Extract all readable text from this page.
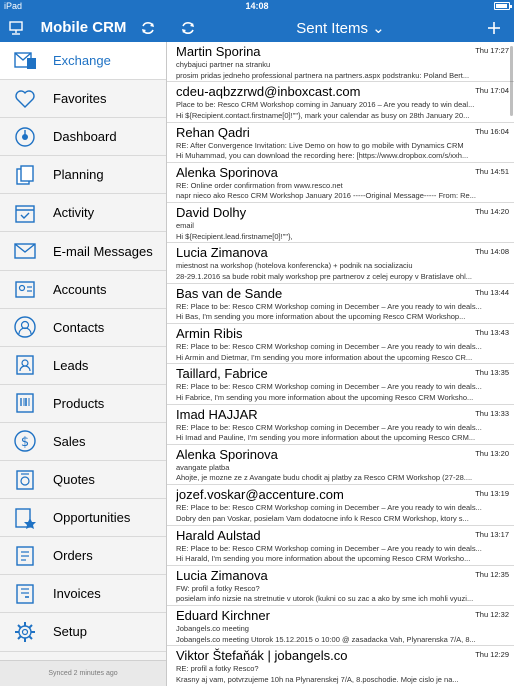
iPad	14:08
Mobile CRM	Sent Items ⌄
Exchange
Favorites
Dashboard
Planning
Activity
E-mail Messages
Accounts
Contacts
Leads
Products
$ Sales
Quotes
Opportunities
Orders
Invoices
Setup
Synced 2 minutes ago
Martin Sporina	Thu 17:27
chybajuci partner na stranku
prosim pridas jedneho professional partnera na partners.aspx podstranku: Poland Bert...
cdeu-aqbzzrwd@inboxcast.com	Thu 17:04
Place to be: Resco CRM Workshop coming in January 2016 – Are you ready to win deal...
Hi ${Recipient.contact.firstname[0]!""}, mark your calendar as busy on 28th January 20...
Rehan Qadri	Thu 16:04
RE: After Convergence Invitation: Live Demo on how to go mobile with Dynamics CRM
Hi Muhammad, you can download the recording here: [https://www.dropbox.com/s/xxh...
Alenka Sporinova	Thu 14:51
RE: Online order confirmation from www.resco.net
napr nieco ako Resco CRM Workshop January 2016 -----Original Message----- From: Re...
David Dolhy	Thu 14:20
email
Hi ${Recipient.lead.firstname[0]!""},
Lucia Zimanova	Thu 14:08
miestnost na workshop (hotelova konferencka) + podnik na socializaciu
28-29.1.2016 sa bude robit maly workshop pre partnerov z celej europy v Bratislave ohl...
Bas van de Sande	Thu 13:44
RE: Place to be: Resco CRM Workshop coming in December – Are you ready to win deals...
Hi Bas, I'm sending you more information about the upcoming Resco CRM Workshop...
Armin Ribis	Thu 13:43
RE: Place to be: Resco CRM Workshop coming in December – Are you ready to win deals...
Hi Armin and Dietmar, I'm sending you more information about the upcoming Resco CR...
Taillard, Fabrice	Thu 13:35
RE: Place to be: Resco CRM Workshop coming in December – Are you ready to win deals...
Hi Fabrice, I'm sending you more information about the upcoming Resco CRM Worksho...
Imad HAJJAR	Thu 13:33
RE: Place to be: Resco CRM Workshop coming in December – Are you ready to win deals...
Hi Imad and Pauline, I'm sending you more information about the upcoming Resco CRM...
Alenka Sporinova	Thu 13:20
avangate platba
Ahojte, je mozne ze z Avangate budu chodit aj platby za Resco CRM Workshop (27-28....
jozef.voskar@accenture.com	Thu 13:19
RE: Place to be: Resco CRM Workshop coming in December – Are you ready to win deals...
Dobry den pan Voskar, posielam Vam dodatocne info k Resco CRM Workshop, ktory s...
Harald Aulstad	Thu 13:17
RE: Place to be: Resco CRM Workshop coming in December – Are you ready to win deals...
Hi Harald, I'm sending you more information about the upcoming Resco CRM Worksho...
Lucia Zimanova	Thu 12:35
FW: profil a fotky Resco?
posielam info nizsie na stretnutie v utorok (kukni co su zac a ako by sme ich mohli vyuzi...
Eduard Kirchner	Thu 12:32
Jobangels.co meeting
Jobangels.co meeting Utorok 15.12.2015 o 10:00 @ zasadacka Vah, Plynarenska 7/A, 8...
Viktor Štefaňák | jobangels.co	Thu 12:29
RE: profil a fotky Resco?
Krasny aj vam, potvrzujeme 10h na Plynarenskej 7/A, 8.poschodie. Moje cislo je na...
